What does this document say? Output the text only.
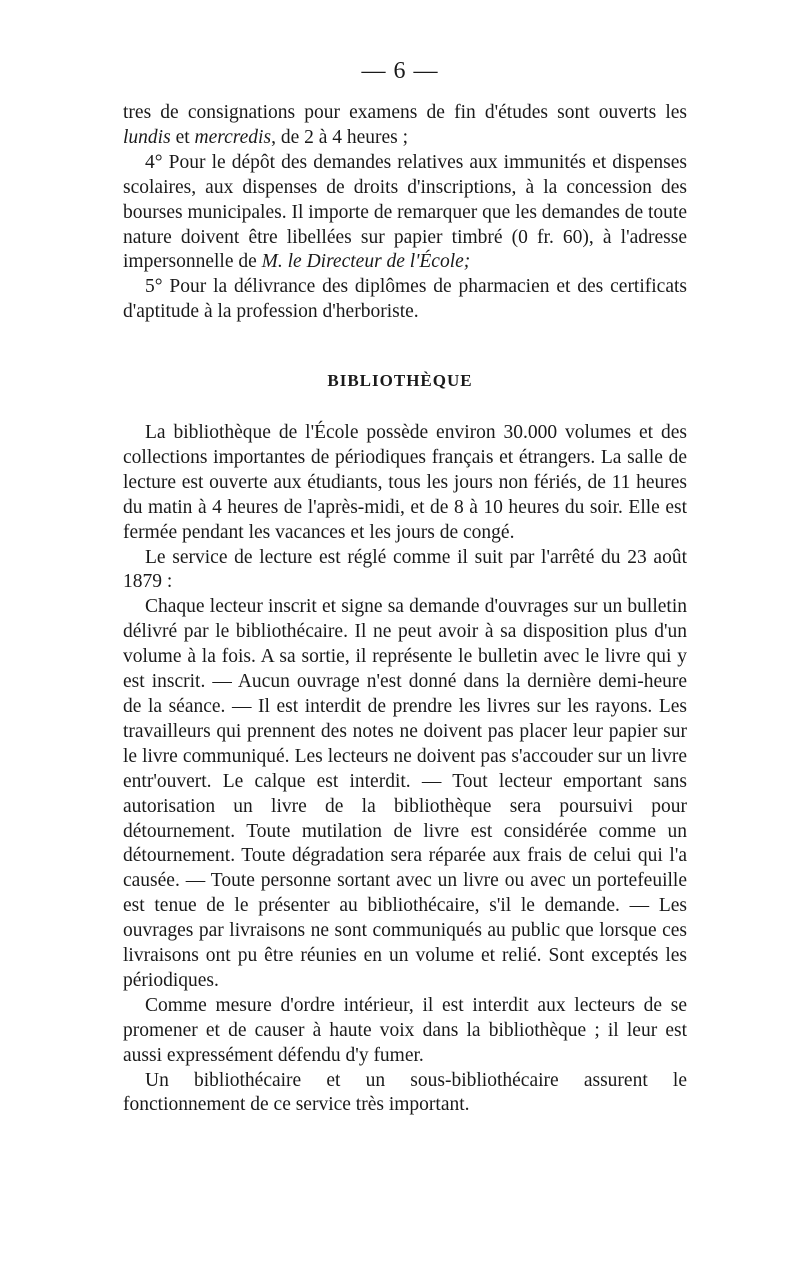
— 6 —

tres de consignations pour examens de fin d'études sont ouverts les lundis et mercredis, de 2 à 4 heures ;

4° Pour le dépôt des demandes relatives aux immunités et dispenses scolaires, aux dispenses de droits d'inscriptions, à la concession des bourses municipales. Il importe de remarquer que les demandes de toute nature doivent être libellées sur papier timbré (0 fr. 60), à l'adresse impersonnelle de M. le Directeur de l'École;

5° Pour la délivrance des diplômes de pharmacien et des certificats d'aptitude à la profession d'herboriste.

BIBLIOTHÈQUE

La bibliothèque de l'École possède environ 30.000 volumes et des collections importantes de périodiques français et étrangers. La salle de lecture est ouverte aux étudiants, tous les jours non fériés, de 11 heures du matin à 4 heures de l'après-midi, et de 8 à 10 heures du soir. Elle est fermée pendant les vacances et les jours de congé.

Le service de lecture est réglé comme il suit par l'arrêté du 23 août 1879 :

Chaque lecteur inscrit et signe sa demande d'ouvrages sur un bulletin délivré par le bibliothécaire. Il ne peut avoir à sa disposition plus d'un volume à la fois. A sa sortie, il représente le bulletin avec le livre qui y est inscrit. — Aucun ouvrage n'est donné dans la dernière demi-heure de la séance. — Il est interdit de prendre les livres sur les rayons. Les travailleurs qui prennent des notes ne doivent pas placer leur papier sur le livre communiqué. Les lecteurs ne doivent pas s'accouder sur un livre entr'ouvert. Le calque est interdit. — Tout lecteur emportant sans autorisation un livre de la bibliothèque sera poursuivi pour détournement. Toute mutilation de livre est considérée comme un détournement. Toute dégradation sera réparée aux frais de celui qui l'a causée. — Toute personne sortant avec un livre ou avec un portefeuille est tenue de le présenter au bibliothécaire, s'il le demande. — Les ouvrages par livraisons ne sont communiqués au public que lorsque ces livraisons ont pu être réunies en un volume et relié. Sont exceptés les périodiques.

Comme mesure d'ordre intérieur, il est interdit aux lecteurs de se promener et de causer à haute voix dans la bibliothèque ; il leur est aussi expressément défendu d'y fumer.

Un bibliothécaire et un sous-bibliothécaire assurent le fonctionnement de ce service très important.
